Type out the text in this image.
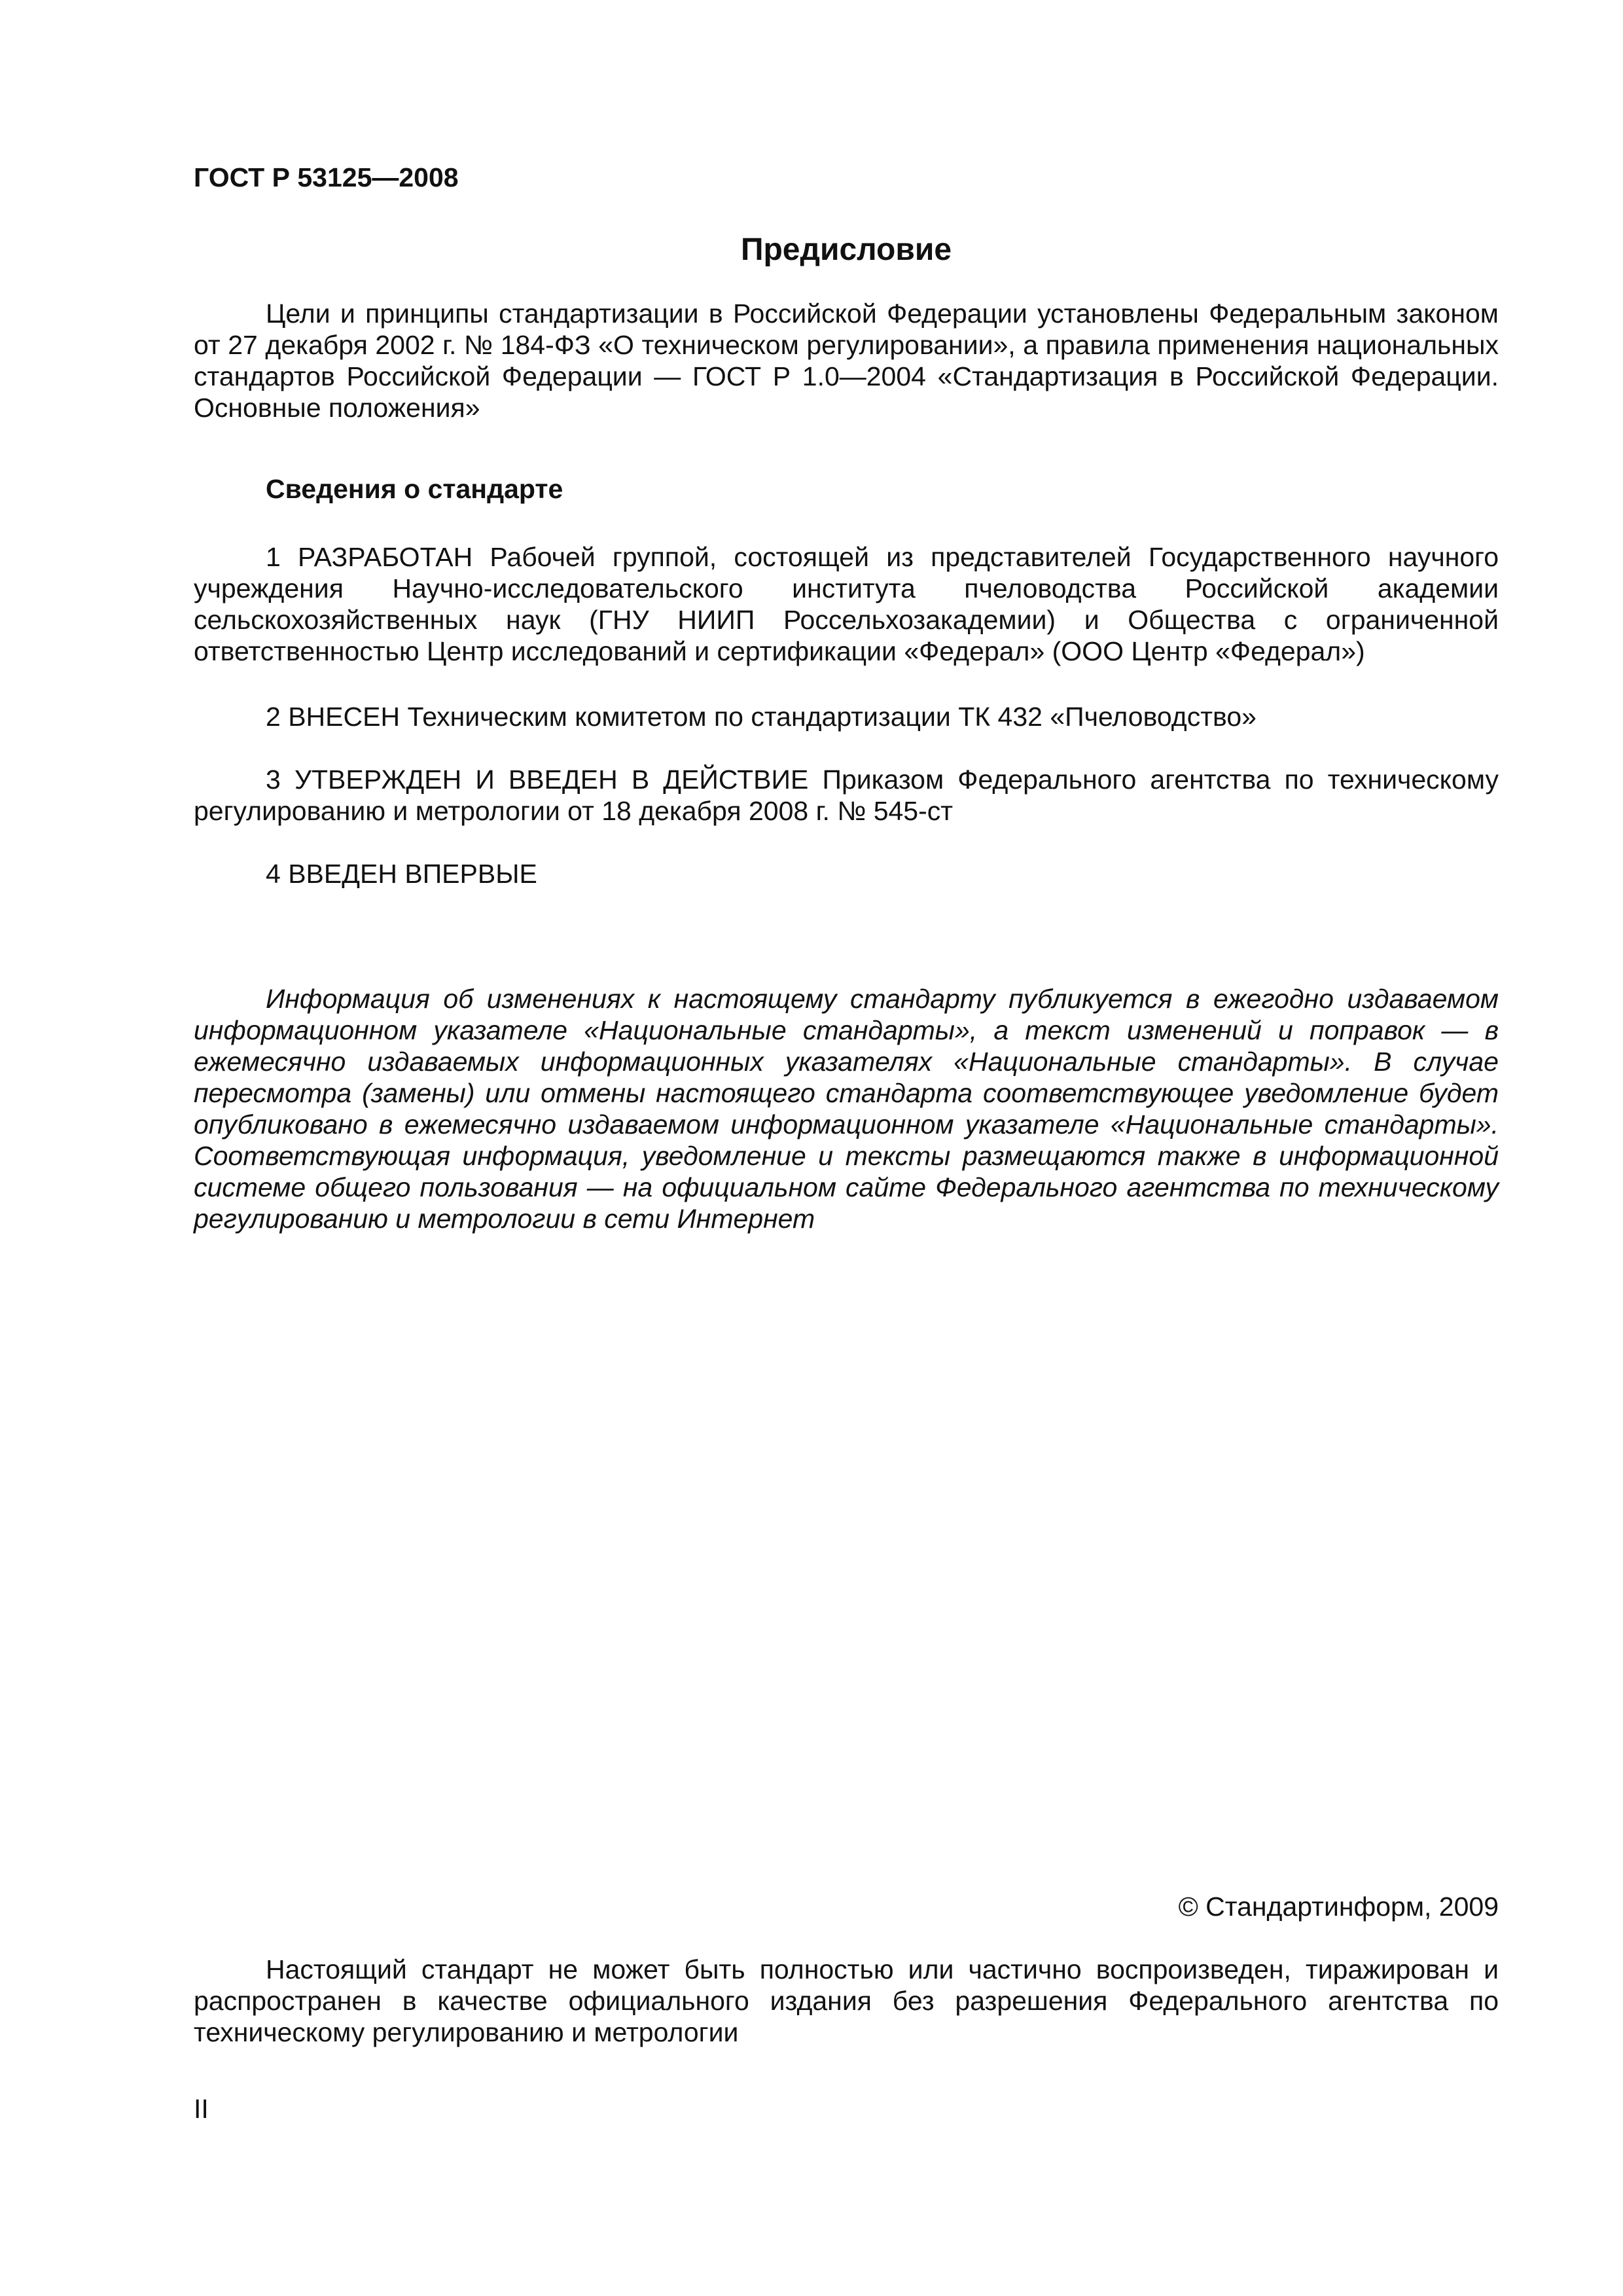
ГОСТ Р 53125—2008
Предисловие
Цели и принципы стандартизации в Российской Федерации установлены Федеральным законом от 27 декабря 2002 г. № 184-ФЗ «О техническом регулировании», а правила применения национальных стандартов Российской Федерации — ГОСТ Р 1.0—2004 «Стандартизация в Российской Федерации. Основные положения»
Сведения о стандарте
1 РАЗРАБОТАН Рабочей группой, состоящей из представителей Государственного научного учреждения Научно-исследовательского института пчеловодства Российской академии сельскохозяйственных наук (ГНУ НИИП Россельхозакадемии) и Общества с ограниченной ответственностью Центр исследований и сертификации «Федерал» (ООО Центр «Федерал»)
2 ВНЕСЕН Техническим комитетом по стандартизации ТК 432 «Пчеловодство»
3 УТВЕРЖДЕН И ВВЕДЕН В ДЕЙСТВИЕ Приказом Федерального агентства по техническому регулированию и метрологии от 18 декабря 2008 г. № 545-ст
4 ВВЕДЕН ВПЕРВЫЕ
Информация об изменениях к настоящему стандарту публикуется в ежегодно издаваемом информационном указателе «Национальные стандарты», а текст изменений и поправок — в ежемесячно издаваемых информационных указателях «Национальные стандарты». В случае пересмотра (замены) или отмены настоящего стандарта соответствующее уведомление будет опубликовано в ежемесячно издаваемом информационном указателе «Национальные стандарты». Соответствующая информация, уведомление и тексты размещаются также в информационной системе общего пользования — на официальном сайте Федерального агентства по техническому регулированию и метрологии в сети Интернет
© Стандартинформ, 2009
Настоящий стандарт не может быть полностью или частично воспроизведен, тиражирован и распространен в качестве официального издания без разрешения Федерального агентства по техническому регулированию и метрологии
II
